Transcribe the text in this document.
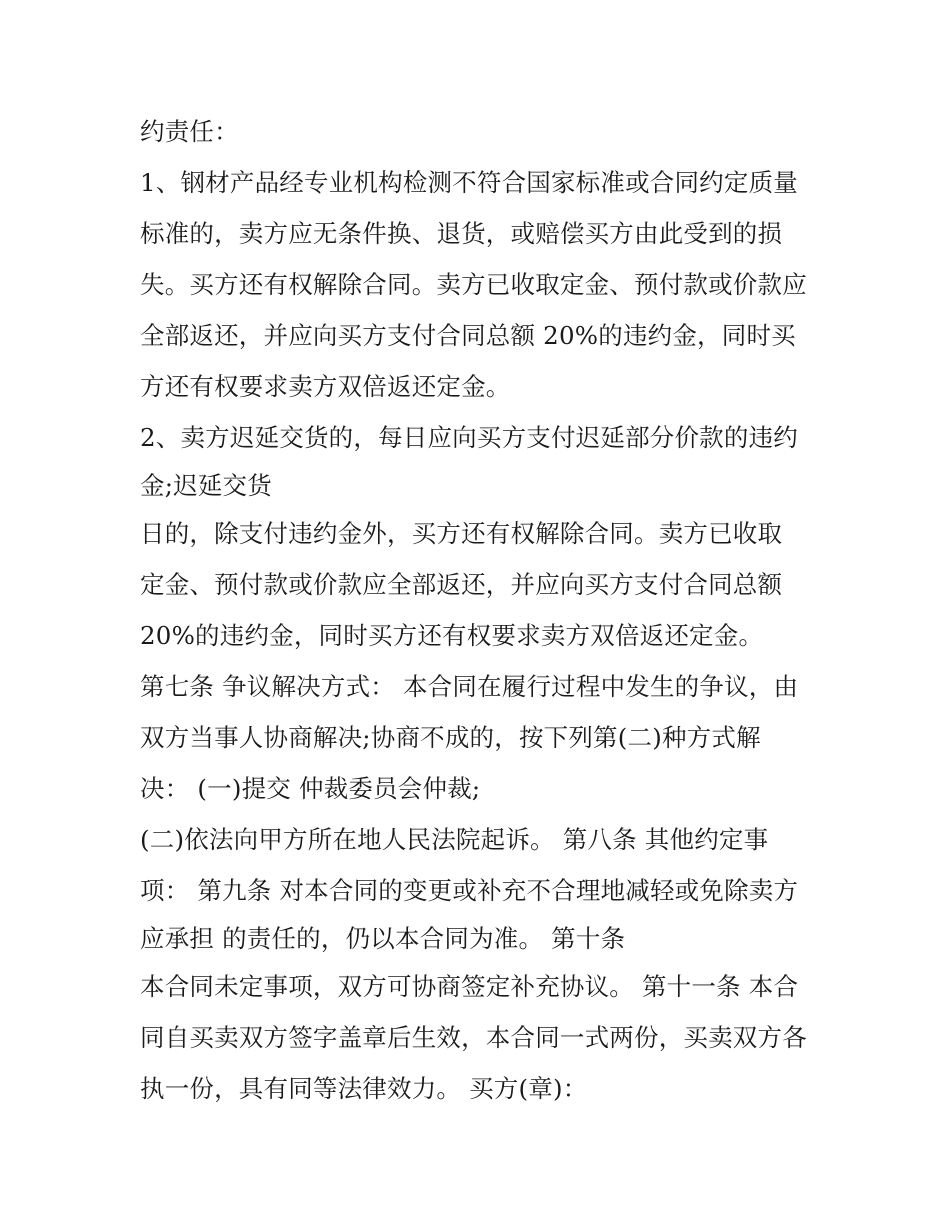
约责任：
1、钢材产品经专业机构检测不符合国家标准或合同约定质量
标准的，卖方应无条件换、退货，或赔偿买方由此受到的损
失。买方还有权解除合同。卖方已收取定金、预付款或价款应
全部返还，并应向买方支付合同总额 20%的违约金，同时买
方还有权要求卖方双倍返还定金。
2、卖方迟延交货的，每日应向买方支付迟延部分价款的违约
金;迟延交货
日的，除支付违约金外，买方还有权解除合同。卖方已收取
定金、预付款或价款应全部返还，并应向买方支付合同总额
20%的违约金，同时买方还有权要求卖方双倍返还定金。
第七条 争议解决方式： 本合同在履行过程中发生的争议，由
双方当事人协商解决;协商不成的，按下列第(二)种方式解
决： (一)提交 仲裁委员会仲裁;
(二)依法向甲方所在地人民法院起诉。 第八条 其他约定事
项： 第九条 对本合同的变更或补充不合理地减轻或免除卖方
应承担 的责任的，仍以本合同为准。 第十条
本合同未定事项，双方可协商签定补充协议。 第十一条 本合
同自买卖双方签字盖章后生效，本合同一式两份，买卖双方各
执一份，具有同等法律效力。 买方(章)：
